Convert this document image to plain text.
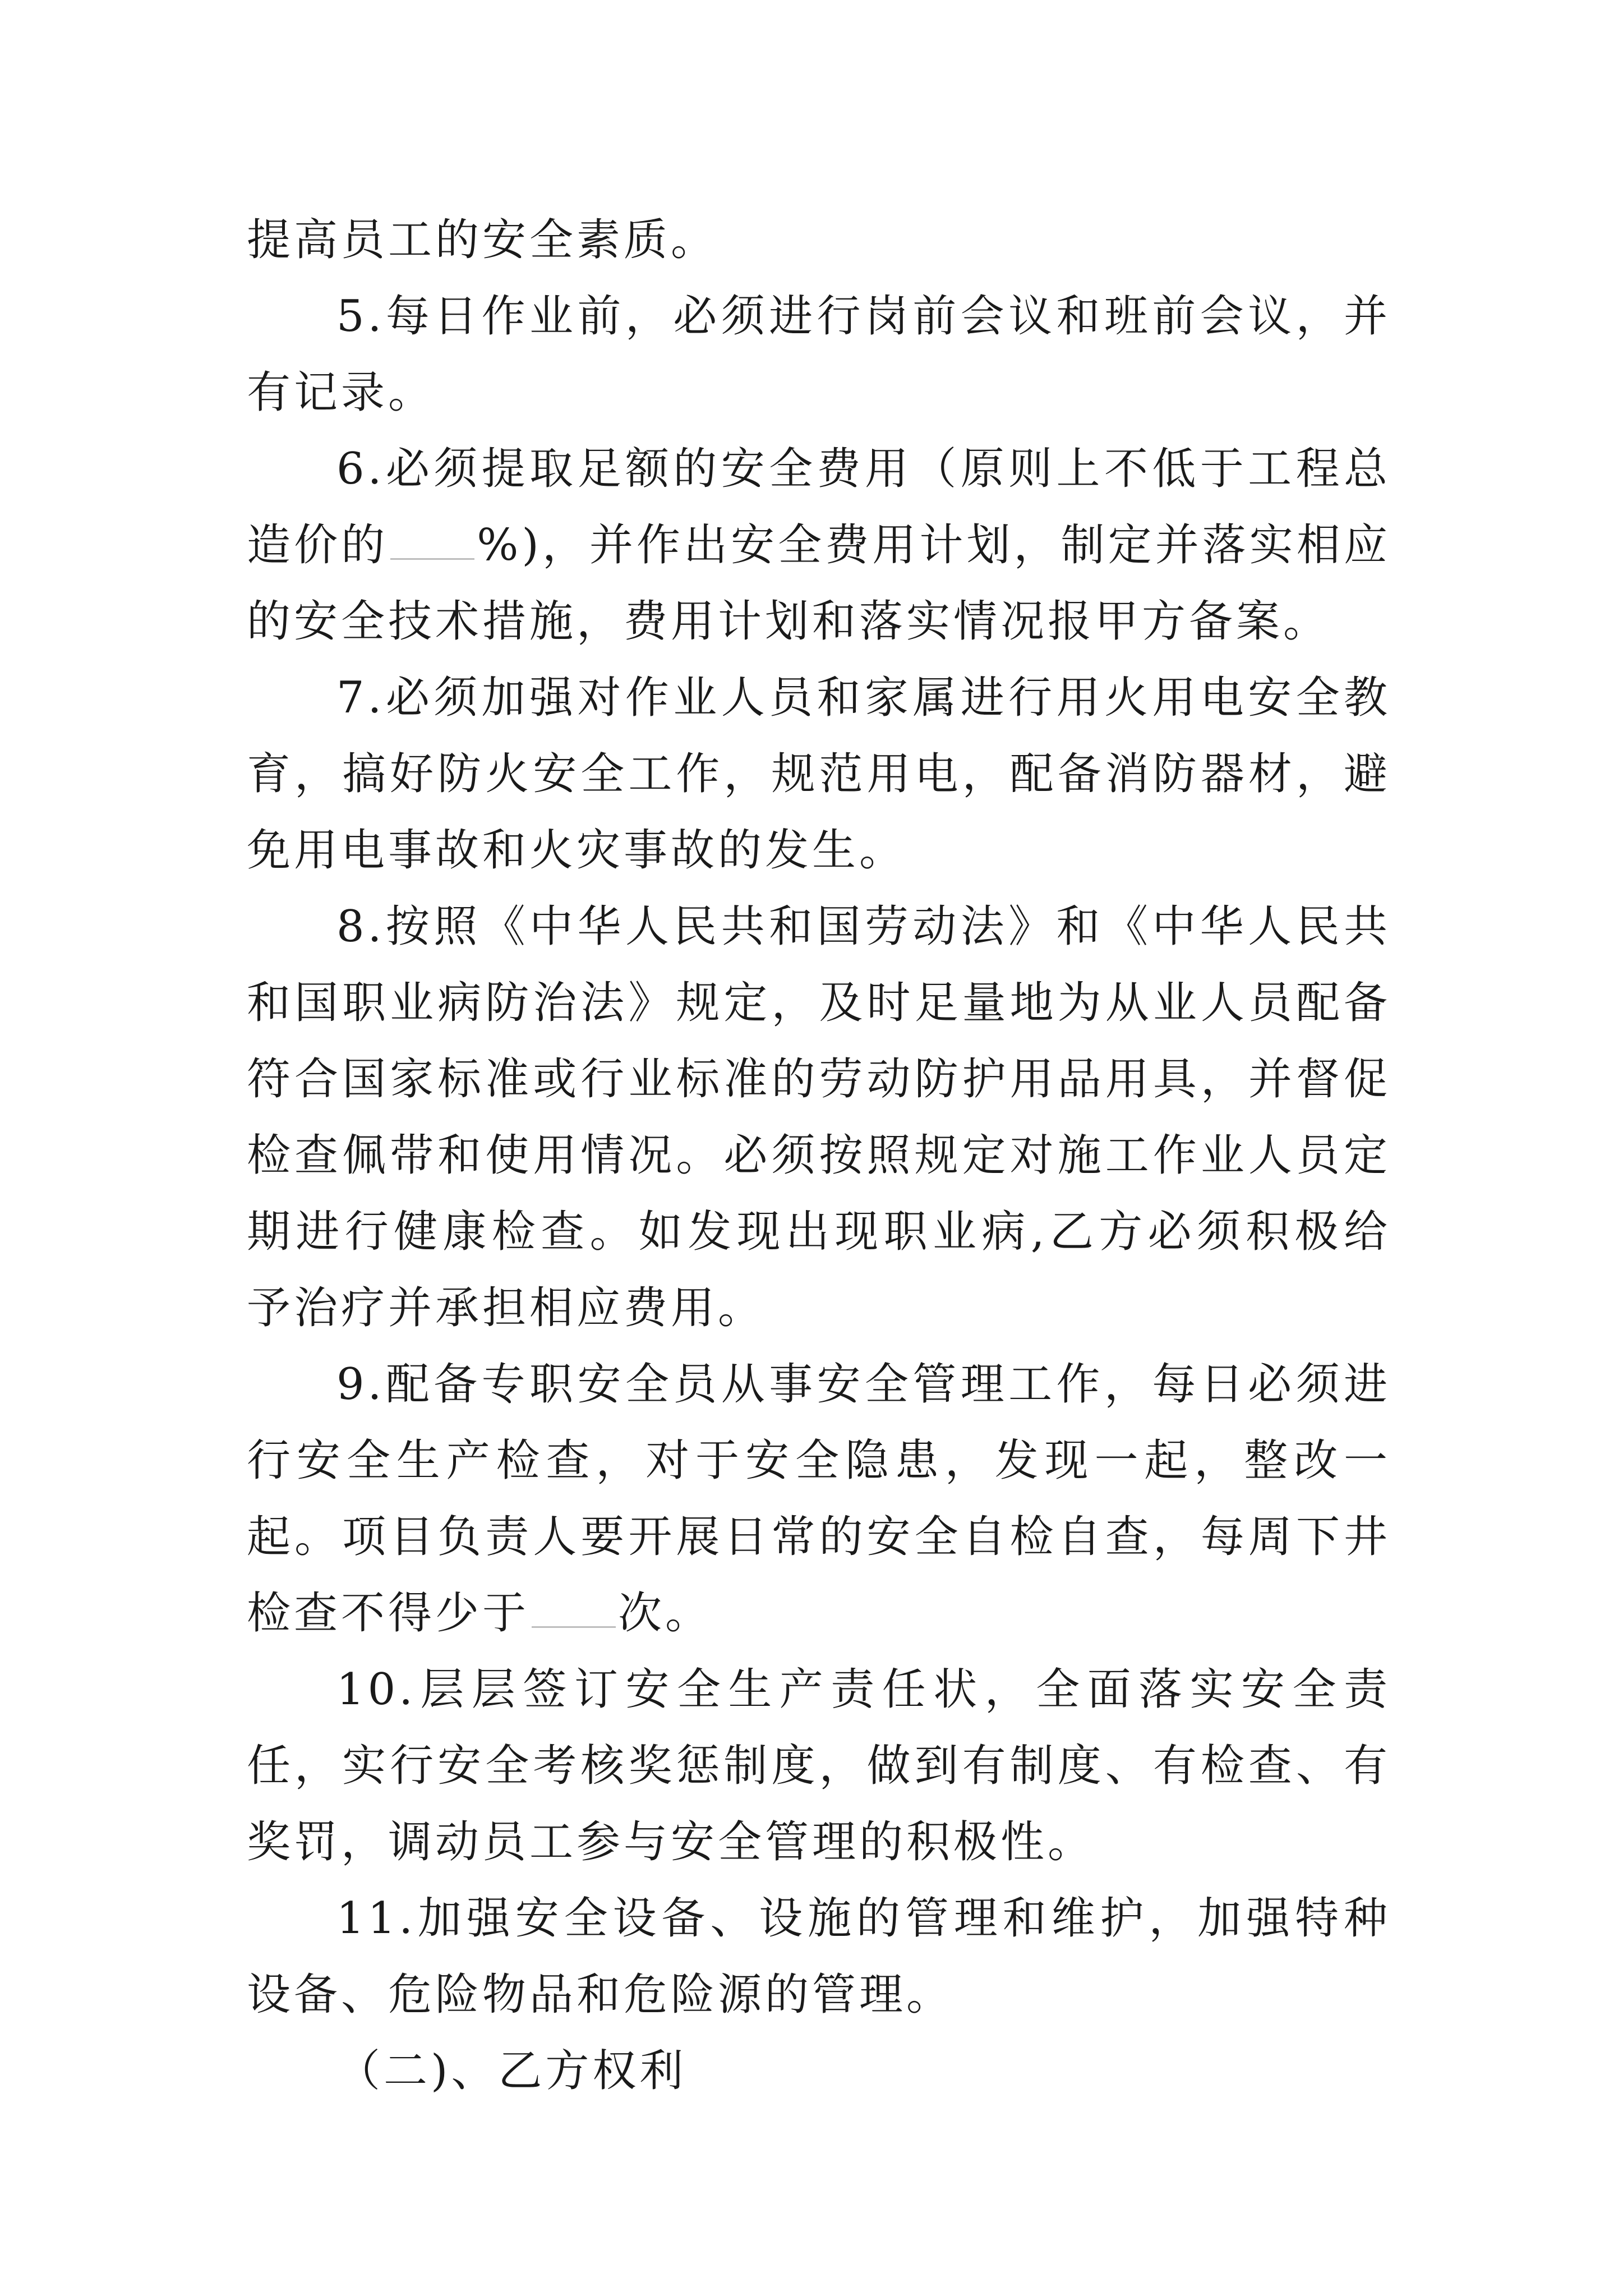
提高员工的安全素质。

5.每日作业前，必须进行岗前会议和班前会议，并有记录。

6.必须提取足额的安全费用（原则上不低于工程总造价的 %)，并作出安全费用计划，制定并落实相应的安全技术措施，费用计划和落实情况报甲方备案。

7.必须加强对作业人员和家属进行用火用电安全教育，搞好防火安全工作，规范用电，配备消防器材，避免用电事故和火灾事故的发生。

8.按照《中华人民共和国劳动法》和《中华人民共和国职业病防治法》规定，及时足量地为从业人员配备符合国家标准或行业标准的劳动防护用品用具，并督促检查佩带和使用情况。必须按照规定对施工作业人员定期进行健康检查。如发现出现职业病,乙方必须积极给予治疗并承担相应费用。

9.配备专职安全员从事安全管理工作，每日必须进行安全生产检查，对于安全隐患，发现一起，整改一起。项目负责人要开展日常的安全自检自查，每周下井检查不得少于 次。

10.层层签订安全生产责任状，全面落实安全责任，实行安全考核奖惩制度，做到有制度、有检查、有奖罚，调动员工参与安全管理的积极性。

11.加强安全设备、设施的管理和维护，加强特种设备、危险物品和危险源的管理。

（二)、乙方权利
